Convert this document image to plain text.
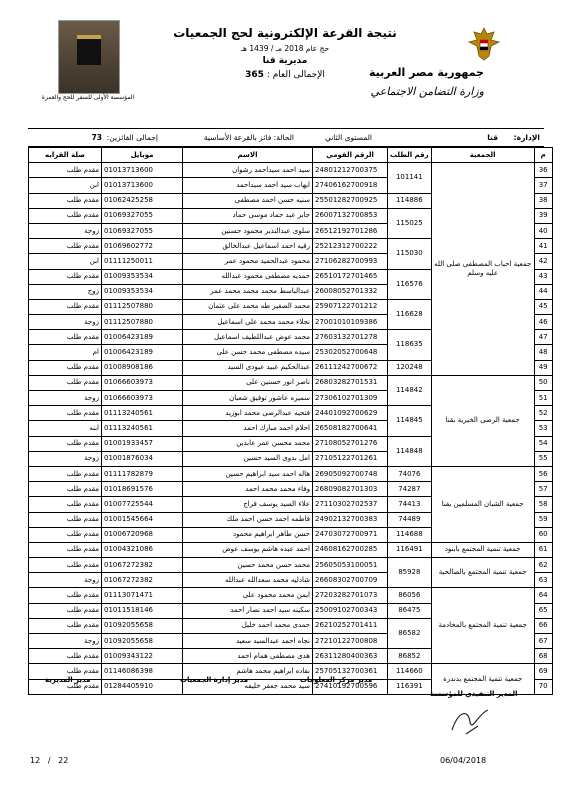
المؤسسة الأولى للسفر للحج والعمرة
جمهورية مصر العربية
وزارة التضامن الاجتماعي
نتيجة القرعة الإلكترونية لحج الجمعيات
حج عام 2018 مـ / 1439 هـ
مديرية قنا
الإجمالى العام : 365
الإدارة:
قنا
المستوى الثاني
الحالة: فائز بالقرعة الأساسية
إجمالى الفائزين:
73
م	الجمعية	رقم الطلب	الرقم القومي	الاسم	موبايل	صلة القرابه
36	جمعية احباب المصطفى صلى الله عليه وسلم	101141	24801212700375	سيد احمد سيداحمد رشوان	01013713600	مقدم طلب
37			27406162700918	ايهاب سيد احمد سيداحمد	01013713600	ابن
38		114886	25501282700925	سنيه حسن احمد مصطفى	01062425258	مقدم طلب
39		115025	26007132700853	جابر عبد حماد موسى حماد	01069327055	مقدم طلب
40			26512192701286	سلوى عبدالنذير محمود حسنين	01069327055	زوجة
41		115030	25212312700222	رقيه احمد اسماعيل عبدالخالق	01069602772	مقدم طلب
42			27106282700993	محمود عبدالحميد محمود عمر	01111250011	ابن
43		116576	26510172701465	حمديه مصطفى محمود عبدالله	01009353534	مقدم طلب
44			26008052701332	عبدالباسط محمد محمد محمد عمر	01009353534	زوج
45		116628	25907122701212	محمد الصغير طه محمد على عثمان	01112507880	مقدم طلب
46			27001010109386	نجلاء محمد محمد على اسماعيل	01112507880	زوجة
47		118635	27603132701278	محمد عوض عبداللطيف اسماعيل	01006423189	مقدم طلب
48			25302052700648	سيده مصطفى محمد حسن على	01006423189	ام
49		120248	26111242700672	عبدالحكيم عبيد عيودى السيد	01008908186	مقدم طلب
50	جمعية الرضى الخيرية بقنا	114842	26803282701531	ناصر انور حسنين على	01066603973	مقدم طلب
51			27306102701309	سميره عاشور توفيق شعبان	01066603973	زوجة
52		114845	24401092700629	فتحيه عبدالرضى محمد ابوزيد	01113240561	مقدم طلب
53			26508182700641	احلام احمد مبارك احمد	01113240561	ابنه
54		114848	27108052701276	محمد محسن عمر عابدين	01001933457	مقدم طلب
55			27105122701261	امل بدوى السيد حسين	01001876034	زوجة
56	جمعية الشبان المسلمين بقنا	74076	26905092700748	هاله احمد سيد ابراهيم حسين	01111782879	مقدم طلب
57		74287	26809082701303	وفاء محمد محمد احمد	01018691576	مقدم طلب
58		74413	27110302702537	علاء السيد يوسف فراج	01007725544	مقدم طلب
59		74489	24902132700383	فاطمه احمد حسن احمد ملك	01001545664	مقدم طلب
60		114688	24703072700971	حسن طاهر ابراهيم محمود	01006720968	مقدم طلب
61	جمعية تنمية المجتمع بابنود	116491	24608162700285	احمد عبده هاشم يوسف عوض	01004321086	مقدم طلب
62	جمعية تنمية المجتمع بالصالحية	85928	25605053100051	محمد حسن محمد حسين	01067272382	مقدم طلب
63			26608302700709	شادليه محمد سعدالله عبدالله	01067272382	زوجة
64	جمعية تنمية المجتمع بالمخادمة	86056	27203282701073	ايمن محمد محمود على	01113071471	مقدم طلب
65		86475	25009102700343	سكينه سيد احمد نصار احمد	01011518146	مقدم طلب
66		86582	26210252701411	حمدى محمد احمد خليل	01092055658	مقدم طلب
67			27210122700808	نجاه احمد عبدالسيد سعيد	01092055658	زوجة
68		86852	26311280400363	هدى مصطفى همام احمد	01009343122	مقدم طلب
69	جمعية تنمية المجتمع بدندرة	114660	25705132700361	نفاده ابراهيم محمد هاشم	01146086398	مقدم طلب
70		116391	27410192700596	سيد محمد جعفر خليفه	01284405910	مقدم طلب
مدير المديرية	مدير إدارة الجمعيات	مدير مركز المعلومات
المدير التنفيذي للمؤسسة
12 / 22	06/04/2018
